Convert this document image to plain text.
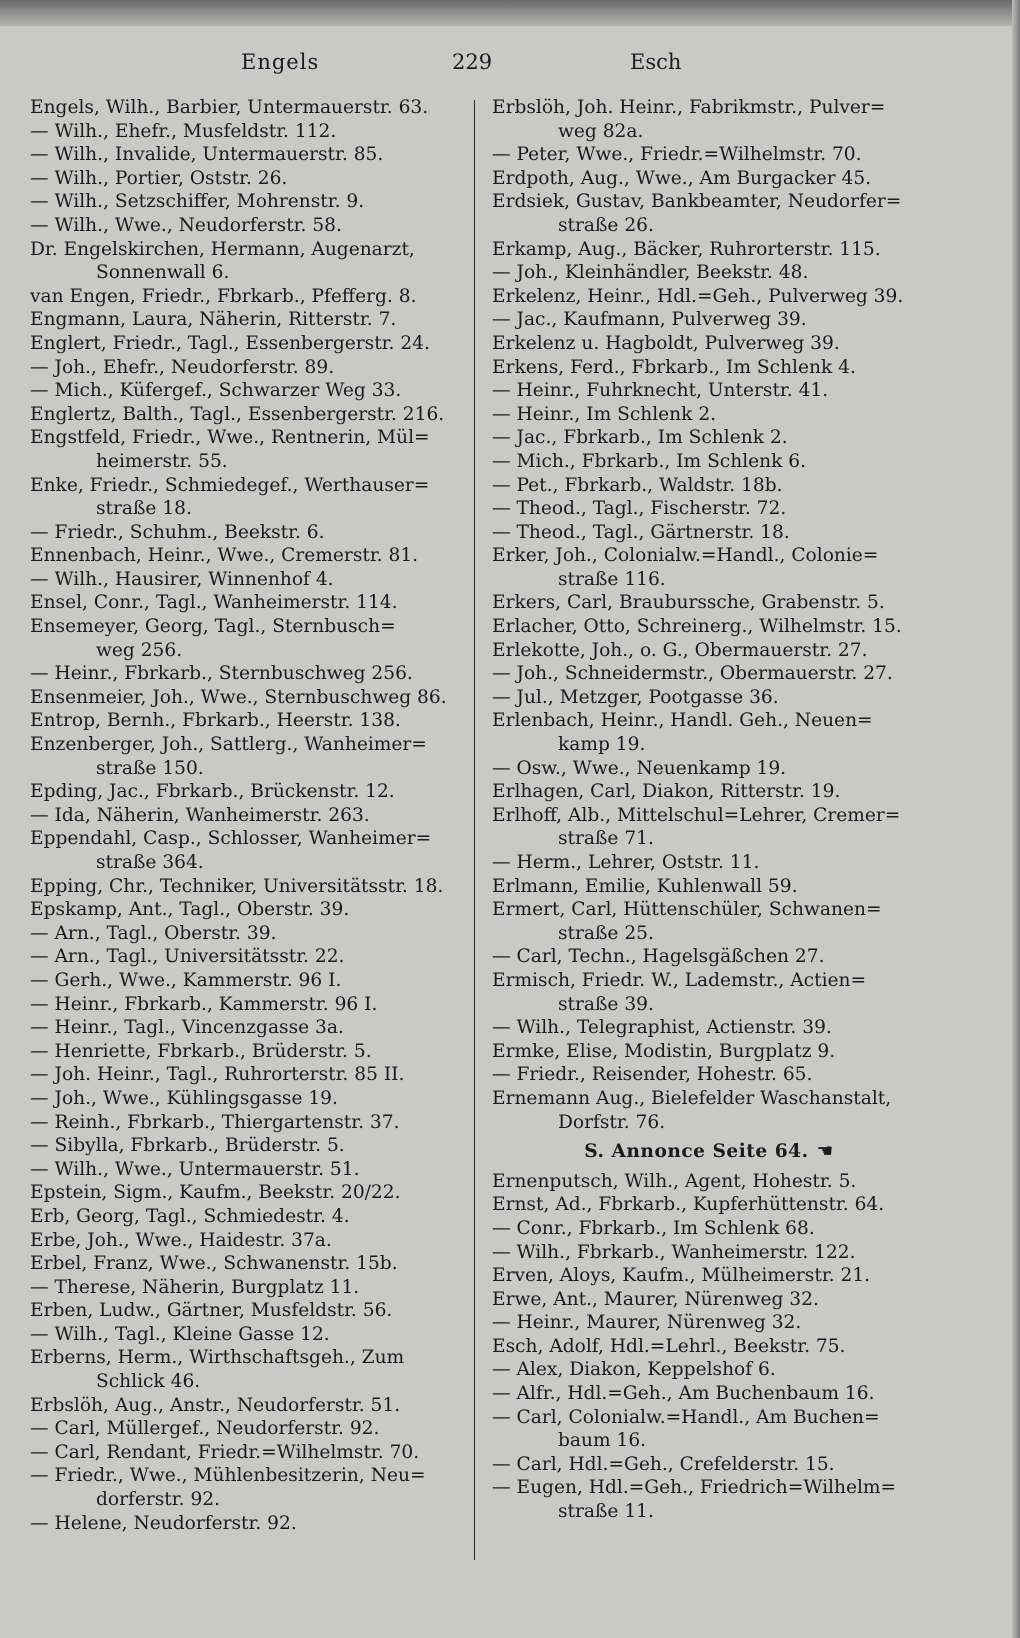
Engels	229	Esch
Engels, Wilh., Barbier, Untermauerstr. 63.
— Wilh., Ehefr., Musfeldstr. 112.
— Wilh., Invalide, Untermauerstr. 85.
— Wilh., Portier, Oststr. 26.
— Wilh., Setzschiffer, Mohrenstr. 9.
— Wilh., Wwe., Neudorferstr. 58.
Dr. Engelskirchen, Hermann, Augenarzt,
Sonnenwall 6.
van Engen, Friedr., Fbrkarb., Pfefferg. 8.
Engmann, Laura, Näherin, Ritterstr. 7.
Englert, Friedr., Tagl., Essenbergerstr. 24.
— Joh., Ehefr., Neudorferstr. 89.
— Mich., Küfergef., Schwarzer Weg 33.
Englertz, Balth., Tagl., Essenbergerstr. 216.
Engstfeld, Friedr., Wwe., Rentnerin, Mül=
heimerstr. 55.
Enke, Friedr., Schmiedegef., Werthauser=
straße 18.
— Friedr., Schuhm., Beekstr. 6.
Ennenbach, Heinr., Wwe., Cremerstr. 81.
— Wilh., Hausirer, Winnenhof 4.
Ensel, Conr., Tagl., Wanheimerstr. 114.
Ensemeyer, Georg, Tagl., Sternbusch=
weg 256.
— Heinr., Fbrkarb., Sternbuschweg 256.
Ensenmeier, Joh., Wwe., Sternbuschweg 86.
Entrop, Bernh., Fbrkarb., Heerstr. 138.
Enzenberger, Joh., Sattlerg., Wanheimer=
straße 150.
Epding, Jac., Fbrkarb., Brückenstr. 12.
— Ida, Näherin, Wanheimerstr. 263.
Eppendahl, Casp., Schlosser, Wanheimer=
straße 364.
Epping, Chr., Techniker, Universitätsstr. 18.
Epskamp, Ant., Tagl., Oberstr. 39.
— Arn., Tagl., Oberstr. 39.
— Arn., Tagl., Universitätsstr. 22.
— Gerh., Wwe., Kammerstr. 96 I.
— Heinr., Fbrkarb., Kammerstr. 96 I.
— Heinr., Tagl., Vincenzgasse 3a.
— Henriette, Fbrkarb., Brüderstr. 5.
— Joh. Heinr., Tagl., Ruhrorterstr. 85 II.
— Joh., Wwe., Kühlingsgasse 19.
— Reinh., Fbrkarb., Thiergartenstr. 37.
— Sibylla, Fbrkarb., Brüderstr. 5.
— Wilh., Wwe., Untermauerstr. 51.
Epstein, Sigm., Kaufm., Beekstr. 20/22.
Erb, Georg, Tagl., Schmiedestr. 4.
Erbe, Joh., Wwe., Haidestr. 37a.
Erbel, Franz, Wwe., Schwanenstr. 15b.
— Therese, Näherin, Burgplatz 11.
Erben, Ludw., Gärtner, Musfeldstr. 56.
— Wilh., Tagl., Kleine Gasse 12.
Erberns, Herm., Wirthschaftsgeh., Zum
Schlick 46.
Erbslöh, Aug., Anstr., Neudorferstr. 51.
— Carl, Müllergef., Neudorferstr. 92.
— Carl, Rendant, Friedr.=Wilhelmstr. 70.
— Friedr., Wwe., Mühlenbesitzerin, Neu=
dorferstr. 92.
— Helene, Neudorferstr. 92.
Erbslöh, Joh. Heinr., Fabrikmstr., Pulver=
weg 82a.
— Peter, Wwe., Friedr.=Wilhelmstr. 70.
Erdpoth, Aug., Wwe., Am Burgacker 45.
Erdsiek, Gustav, Bankbeamter, Neudorfer=
straße 26.
Erkamp, Aug., Bäcker, Ruhrorterstr. 115.
— Joh., Kleinhändler, Beekstr. 48.
Erkelenz, Heinr., Hdl.=Geh., Pulverweg 39.
— Jac., Kaufmann, Pulverweg 39.
Erkelenz u. Hagboldt, Pulverweg 39.
Erkens, Ferd., Fbrkarb., Im Schlenk 4.
— Heinr., Fuhrknecht, Unterstr. 41.
— Heinr., Im Schlenk 2.
— Jac., Fbrkarb., Im Schlenk 2.
— Mich., Fbrkarb., Im Schlenk 6.
— Pet., Fbrkarb., Waldstr. 18b.
— Theod., Tagl., Fischerstr. 72.
— Theod., Tagl., Gärtnerstr. 18.
Erker, Joh., Colonialw.=Handl., Colonie=
straße 116.
Erkers, Carl, Brauburssche, Grabenstr. 5.
Erlacher, Otto, Schreinerg., Wilhelmstr. 15.
Erlekotte, Joh., o. G., Obermauerstr. 27.
— Joh., Schneidermstr., Obermauerstr. 27.
— Jul., Metzger, Pootgasse 36.
Erlenbach, Heinr., Handl. Geh., Neuen=
kamp 19.
— Osw., Wwe., Neuenkamp 19.
Erlhagen, Carl, Diakon, Ritterstr. 19.
Erlhoff, Alb., Mittelschul=Lehrer, Cremer=
straße 71.
— Herm., Lehrer, Oststr. 11.
Erlmann, Emilie, Kuhlenwall 59.
Ermert, Carl, Hüttenschüler, Schwanen=
straße 25.
— Carl, Techn., Hagelsgäßchen 27.
Ermisch, Friedr. W., Lademstr., Actien=
straße 39.
— Wilh., Telegraphist, Actienstr. 39.
Ermke, Elise, Modistin, Burgplatz 9.
— Friedr., Reisender, Hohestr. 65.
Ernemann Aug., Bielefelder Waschanstalt,
Dorfstr. 76.
S. Annonce Seite 64. ☚
Ernenputsch, Wilh., Agent, Hohestr. 5.
Ernst, Ad., Fbrkarb., Kupferhüttenstr. 64.
— Conr., Fbrkarb., Im Schlenk 68.
— Wilh., Fbrkarb., Wanheimerstr. 122.
Erven, Aloys, Kaufm., Mülheimerstr. 21.
Erwe, Ant., Maurer, Nürenweg 32.
— Heinr., Maurer, Nürenweg 32.
Esch, Adolf, Hdl.=Lehrl., Beekstr. 75.
— Alex, Diakon, Keppelshof 6.
— Alfr., Hdl.=Geh., Am Buchenbaum 16.
— Carl, Colonialw.=Handl., Am Buchen=
baum 16.
— Carl, Hdl.=Geh., Crefelderstr. 15.
— Eugen, Hdl.=Geh., Friedrich=Wilhelm=
straße 11.
